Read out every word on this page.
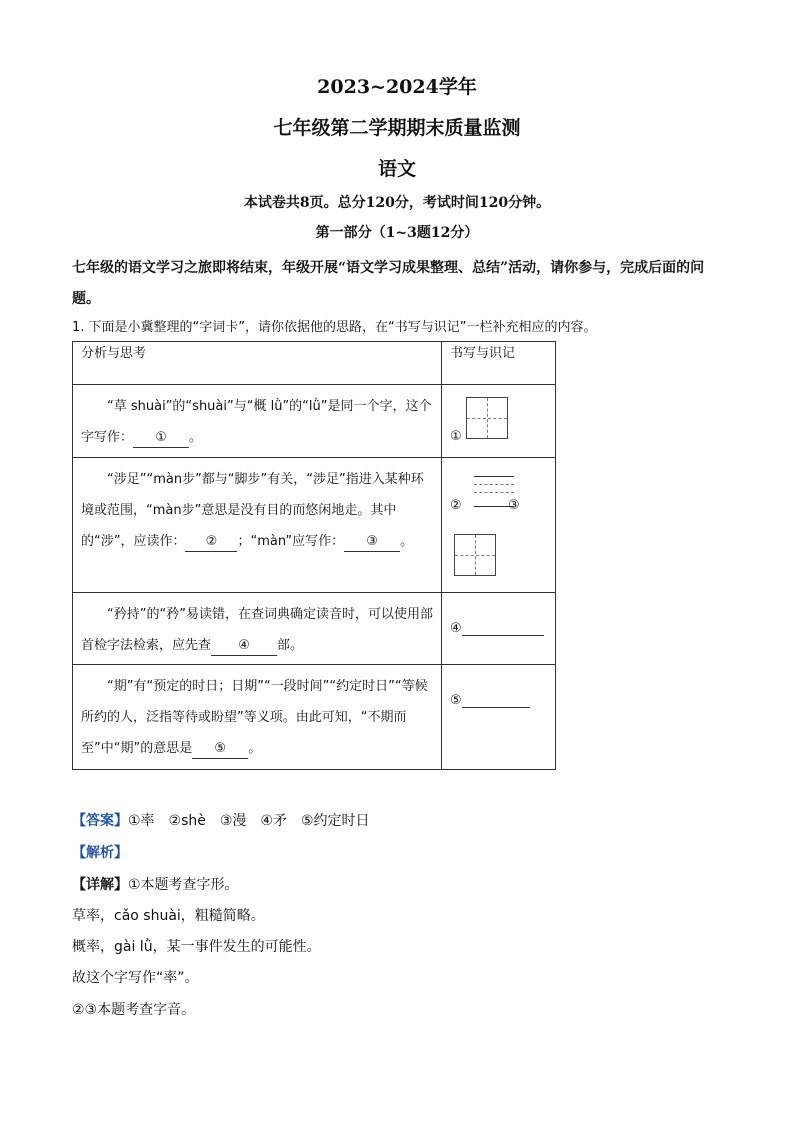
2023~2024学年
七年级第二学期期末质量监测
语文
本试卷共8页。总分120分，考试时间120分钟。
第一部分（1~3题12分）
七年级的语文学习之旅即将结束，年级开展“语文学习成果整理、总结”活动，请你参与，完成后面的问题。
1. 下面是小冀整理的“字词卡”，请你依据他的思路，在“书写与识记”一栏补充相应的内容。
分析与思考	书写与识记

“草 shuài”的“shuài”与“概 lǜ”的“lǜ”是同一个字，这个字写作： ① 。	①

“涉足”“màn步”都与“脚步”有关，“涉足”指进入某种环境或范围，“màn步”意思是没有目的而悠闲地走。其中的“涉”，应读作： ② ；“màn”应写作： ③ 。	② ③

“矜持”的“矜”易读错，在查词典确定读音时，可以使用部首检字法检索，应先查 ④ 部。	④

“期”有“预定的时日；日期”“一段时间”“约定时日”“等候所约的人，泛指等待或盼望”等义项。由此可知，“不期而至”中“期”的意思是 ⑤ 。	⑤
【答案】①率　②shè　③漫　④矛　⑤约定时日
【解析】
【详解】①本题考查字形。
草率，cǎo shuài，粗糙简略。
概率，gài lǜ，某一事件发生的可能性。
故这个字写作“率”。
②③本题考查字音。
